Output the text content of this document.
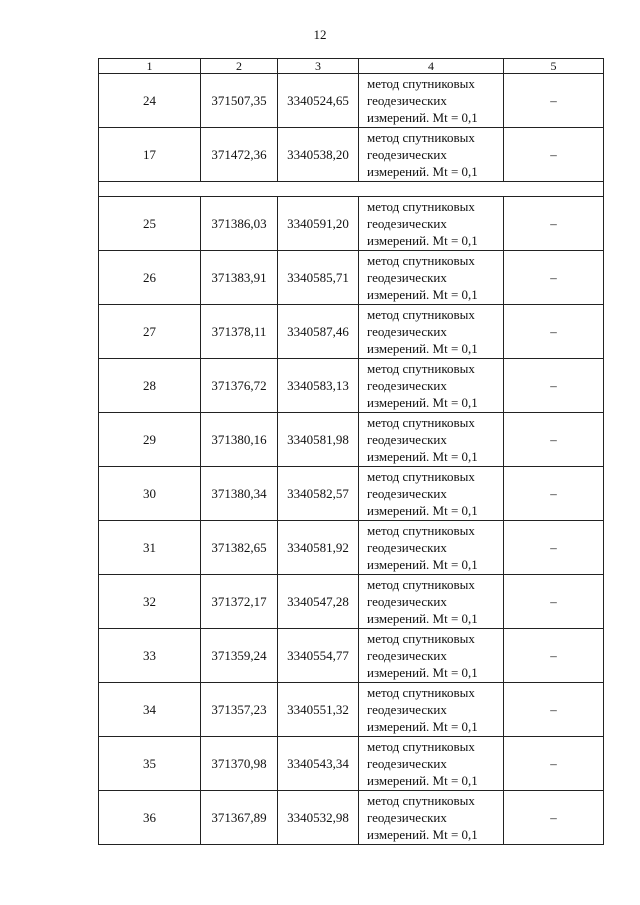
12
1	2	3	4	5
24	371507,35	3340524,65	метод спутниковых
геодезических
измерений. Mt = 0,1	–
17	371472,36	3340538,20	метод спутниковых
геодезических
измерений. Mt = 0,1	–

25	371386,03	3340591,20	метод спутниковых
геодезических
измерений. Mt = 0,1	–
26	371383,91	3340585,71	метод спутниковых
геодезических
измерений. Mt = 0,1	–
27	371378,11	3340587,46	метод спутниковых
геодезических
измерений. Mt = 0,1	–
28	371376,72	3340583,13	метод спутниковых
геодезических
измерений. Mt = 0,1	–
29	371380,16	3340581,98	метод спутниковых
геодезических
измерений. Mt = 0,1	–
30	371380,34	3340582,57	метод спутниковых
геодезических
измерений. Mt = 0,1	–
31	371382,65	3340581,92	метод спутниковых
геодезических
измерений. Mt = 0,1	–
32	371372,17	3340547,28	метод спутниковых
геодезических
измерений. Mt = 0,1	–
33	371359,24	3340554,77	метод спутниковых
геодезических
измерений. Mt = 0,1	–
34	371357,23	3340551,32	метод спутниковых
геодезических
измерений. Mt = 0,1	–
35	371370,98	3340543,34	метод спутниковых
геодезических
измерений. Mt = 0,1	–
36	371367,89	3340532,98	метод спутниковых
геодезических
измерений. Mt = 0,1	–
